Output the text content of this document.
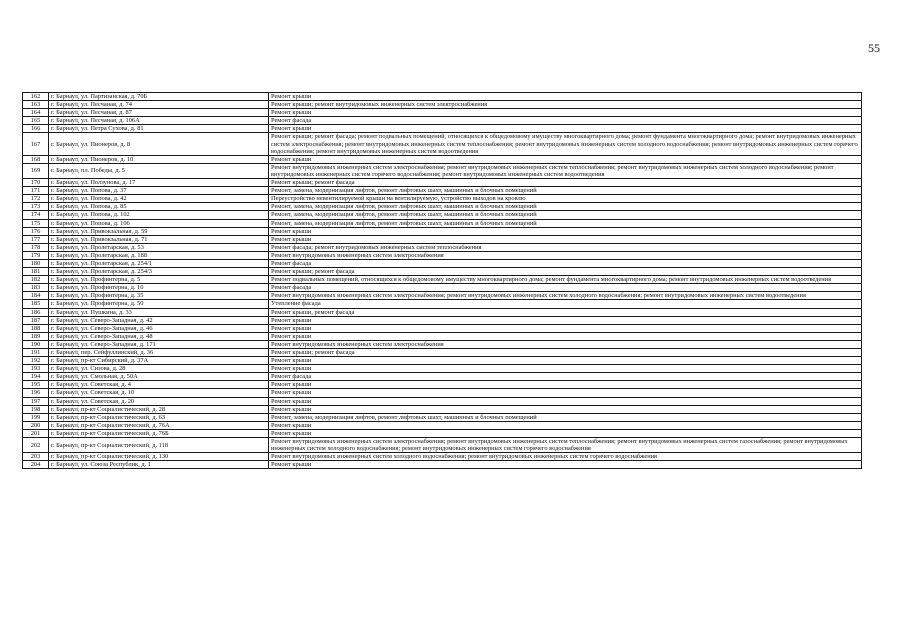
55
162	г. Барнаул, ул. Партизанская, д. 70Б	Ремонт крыши
163	г. Барнаул, ул. Песчаная, д. 74	Ремонт крыши; ремонт внутридомовых инженерных систем электроснабжения
164	г. Барнаул, ул. Песчаная, д. 87	Ремонт крыши
165	г. Барнаул, ул. Песчаная, д. 106А	Ремонт фасада
166	г. Барнаул, ул. Петра Сухова, д. 81	Ремонт крыши
167	г. Барнаул, ул. Пионеров, д. 8	Ремонт крыши; ремонт фасада; ремонт подвальных помещений, относящихся к общедомовому имуществу многоквартирного дома; ремонт фундамента многоквартирного дома; ремонт внутридомовых инженерных систем электроснабжения; ремонт внутридомовых инженерных систем теплоснабжения; ремонт внутридомовых инженерных систем холодного водоснабжения; ремонт внутридомовых инженерных систем горячего водоснабжения; ремонт внутридомовых инженерных систем водоотведения
168	г. Барнаул, ул. Пионеров, д. 10	Ремонт крыши
169	г. Барнаул, пл. Победы, д. 5	Ремонт внутридомовых инженерных систем электроснабжения; ремонт внутридомовых инженерных систем теплоснабжения; ремонт внутридомовых инженерных систем холодного водоснабжения; ремонт внутридомовых инженерных систем горячего водоснабжения; ремонт внутридомовых инженерных систем водоотведения
170	г. Барнаул, ул. Ползунова, д. 17	Ремонт крыши; ремонт фасада
171	г. Барнаул, ул. Попова, д. 37	Ремонт, замена, модернизация лифтов, ремонт лифтовых шахт, машинных и блочных помещений
172	г. Барнаул, ул. Попова, д. 42	Переустройство невентилируемой крыши на вентилируемую, устройство выходов на кровлю
173	г. Барнаул, ул. Попова, д. 85	Ремонт, замена, модернизация лифтов, ремонт лифтовых шахт, машинных и блочных помещений
174	г. Барнаул, ул. Попова, д. 102	Ремонт, замена, модернизация лифтов, ремонт лифтовых шахт, машинных и блочных помещений
175	г. Барнаул, ул. Попова, д. 106	Ремонт, замена, модернизация лифтов, ремонт лифтовых шахт, машинных и блочных помещений
176	г. Барнаул, ул. Привокзальная, д. 59	Ремонт крыши
177	г. Барнаул, ул. Привокзальная, д. 71	Ремонт крыши
178	г. Барнаул, ул. Пролетарская, д. 53	Ремонт фасада; ремонт внутридомовых инженерных систем теплоснабжения
179	г. Барнаул, ул. Пролетарская, д. 188	Ремонт внутридомовых инженерных систем электроснабжения
180	г. Барнаул, ул. Пролетарская, д. 254/1	Ремонт фасада
181	г. Барнаул, ул. Пролетарская, д. 254/3	Ремонт крыши; ремонт фасада
182	г. Барнаул, ул. Профинтерна, д. 5	Ремонт подвальных помещений, относящихся к общедомовому имуществу многоквартирного дома; ремонт фундамента многоквартирного дома; ремонт внутридомовых инженерных систем водоотведения
183	г. Барнаул, ул. Профинтерна, д. 10	Ремонт фасада
184	г. Барнаул, ул. Профинтерна, д. 35	Ремонт внутридомовых инженерных систем электроснабжения; ремонт внутридомовых инженерных систем холодного водоснабжения; ремонт внутридомовых инженерных систем водоотведения
185	г. Барнаул, ул. Профинтерна, д. 50	Утепление фасада
186	г. Барнаул, ул. Пушкина, д. 33	Ремонт крыши, ремонт фасада
187	г. Барнаул, ул. Северо-Западная, д. 42	Ремонт крыши
188	г. Барнаул, ул. Северо-Западная, д. 46	Ремонт крыши
189	г. Барнаул, ул. Северо-Западная, д. 48	Ремонт крыши
190	г. Барнаул, ул. Северо-Западная, д. 171	Ремонт внутридомовых инженерных систем электроснабжения
191	г. Барнаул, пер. Сейфуллинский, д. 36	Ремонт крыши; ремонт фасада
192	г. Барнаул, пр-кт Сибирский, д. 37А	Ремонт крыши
193	г. Барнаул, ул. Сизова, д. 28	Ремонт крыши
194	г. Барнаул, ул. Смольная, д. 50А	Ремонт фасада
195	г. Барнаул, ул. Советская, д. 4	Ремонт крыши
196	г. Барнаул, ул. Советская, д. 10	Ремонт крыши
197	г. Барнаул, ул. Советская, д. 20	Ремонт крыши
198	г. Барнаул, пр-кт Социалистический, д. 28	Ремонт крыши
199	г. Барнаул, пр-кт Социалистический, д. 63	Ремонт, замена, модернизация лифтов, ремонт лифтовых шахт, машинных и блочных помещений
200	г. Барнаул, пр-кт Социалистический, д. 76А	Ремонт крыши
201	г. Барнаул, пр-кт Социалистический, д. 76Б	Ремонт крыши
202	г. Барнаул, пр-кт Социалистический, д. 118	Ремонт внутридомовых инженерных систем электроснабжения; ремонт внутридомовых инженерных систем теплоснабжения; ремонт внутридомовых инженерных систем газоснабжения; ремонт внутридомовых инженерных систем холодного водоснабжения; ремонт внутридомовых инженерных систем горячего водоснабжения
203	г. Барнаул, пр-кт Социалистический, д. 130	Ремонт внутридомовых инженерных систем холодного водоснабжения; ремонт внутридомовых инженерных систем горячего водоснабжения
204	г. Барнаул, ул. Союза Республик, д. 1	Ремонт крыши
